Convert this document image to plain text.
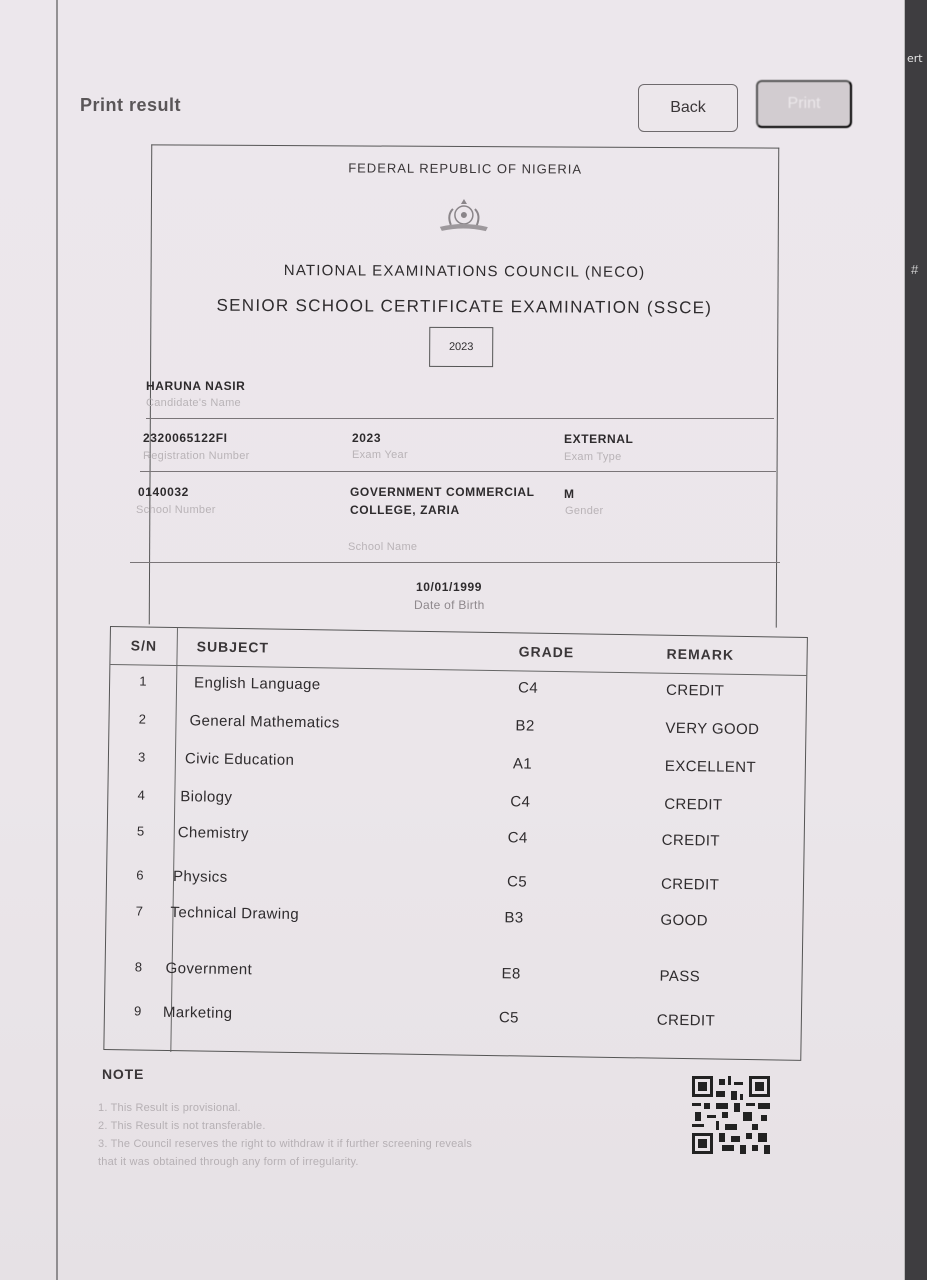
ert
#
Print result	Back	Print
FEDERAL REPUBLIC OF NIGERIA
NATIONAL EXAMINATIONS COUNCIL (NECO)
SENIOR SCHOOL CERTIFICATE EXAMINATION (SSCE)
2023
HARUNA NASIR
Candidate's Name
2320065122FI
Registration Number
2023
Exam Year
EXTERNAL
Exam Type
0140032
School Number
GOVERNMENT COMMERCIAL COLLEGE, ZARIA
School Name
M
Gender
10/01/1999
Date of Birth
S/N	SUBJECT	GRADE	REMARK
1	English Language	C4	CREDIT
2	General Mathematics	B2	VERY GOOD
3	Civic Education	A1	EXCELLENT
4	Biology	C4	CREDIT
5	Chemistry	C4	CREDIT
6	Physics	C5	CREDIT
7	Technical Drawing	B3	GOOD
8	Government	E8	PASS
9	Marketing	C5	CREDIT
NOTE
1. This Result is provisional.
2. This Result is not transferable.
3. The Council reserves the right to withdraw it if further screening reveals
that it was obtained through any form of irregularity.
